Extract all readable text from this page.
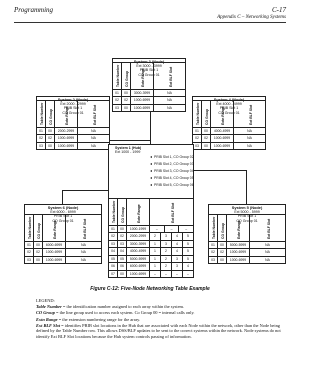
Programming	C-17
Appendix C – Networking Systems
System 3 (Node)
Ext 3000 - 3999
PRIB Slot 1
CO Group 01
Table Number CO Group	Extn Range	Ext BLF Slot
01	00	3000-3999	NA
02	02	1000-6999	NA
03	00	1000-6999	NA
System 2 (Node)
Ext 2000 - 2999
PRIB Slot 1
CO Group 01
Table Number CO Group	Extn Range	Ext BLF Slot
01	00	2000-2999	NA
02	02	1000-6999	NA
03	00	1000-6999	NA
System 4 (Node)
Ext 4000 - 4999
PRIB Slot 1
CO Group 01
Table Number CO Group	Extn Range	Ext BLF Slot
01	00	4000-4999	NA
02	02	1000-6999	NA
03	00	1000-6999	NA
System 1 (Hub)
Ext 1000 - 1999
Table Number CO Group	Extn Range	Ext BLF Slot
01	00	1000-1999	–	–	–
02	02	2000-2999	2	3	4	5
03	03	3000-3999	1	3	4	5
04	04	4000-4999	1	2	4	5
05	05	5000-5999	1	2	3	5
06	06	6000-6999	1	2	3	4
07	00	1000-6999	–	–	–	–
PRIB Slot 1, CO Group 02
PRIB Slot 2, CO Group 03
PRIB Slot 3, CO Group 04
PRIB Slot 4, CO Group 05
PRIB Slot 5, CO Group 06
System 6 (Node)
Ext 6000 - 6999
PRIB Slot 1
CO Group 01
Table Number CO Group	Extn Range	Ext BLF Slot
01	00	6000-6999	NA
02	02	1000-6999	NA
03	00	1000-6999	NA
System 5 (Node)
Ext 5000 - 5999
PRIB Slot 1
CO Group 01
Table Number CO Group	Extn Range	Ext BLF Slot
01	00	5000-5999	NA
02	02	1000-6999	NA
03	00	1000-6999	NA
Figure C-12: Five-Node Networking Table Example

LEGEND:

Table Number = the identification number assigned to each array within the system.

CO Group = the line group used to access each system. Co Group 00 = internal calls only.

Extn Range = the extension numbering range for the array.

Ext BLF Slot = identifies PRIB slot locations in the Hub that are associated with each Node within the network, other than the Node being defined by the Table Number row. This allows DSS/BLF updates to be sent to the correct systems within the network. Node systems do not identify Ext BLF Slot locations because the Hub system controls passing of information.
